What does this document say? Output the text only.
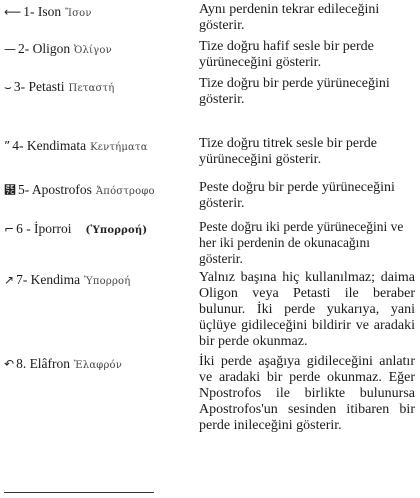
⟵ 1- Ison Ἴσον	Aynı perdenin tekrar edileceğini gösterir.
— 2- Oligon Ὀλίγον	Tize doğru hafif sesle bir perde yürüneceğini gösterir.
⌣ 3- Petasti Πεταστή	Tize doğru bir perde yürüneceğini gösterir.
ˮ 4- Kendimata Κεντήματα	Tize doğru titrek sesle bir perde yürüneceğini gösterir.
⹼ 5- Apostrofos Ἀπόστροφο	Peste doğru bir perde yürüneceğini gösterir.
⌐ 6 - İporroi (Ὑπορροή)	Peste doğru iki perde yürüneceğini ve her iki perdenin de okunacağını gösterir.
↗ 7- Kendima Ὑπορροή	Yalnız başına hiç kullanılmaz; daima Oligon veya Petasti ile beraber bulunur. İki perde yukarıya, yani üçlüye gidileceğini bildirir ve aradaki bir perde okunmaz.
↶ 8. Elâfron Ἐλαφρόν	İki perde aşağıya gidileceğini anlatır ve aradaki bir perde okunmaz. Eğer Npostrofos ile birlikte bulunursa Apostrofos'un sesinden itibaren bir perde inileceğini gösterir.
